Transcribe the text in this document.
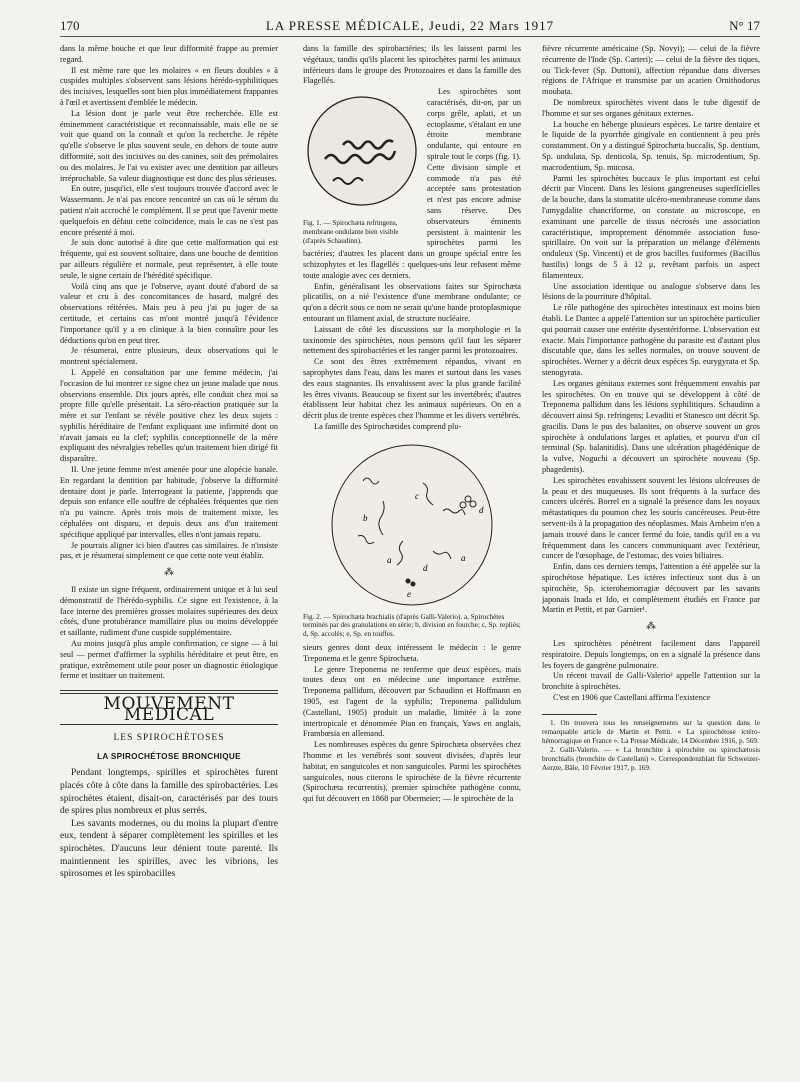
170	LA PRESSE MÉDICALE, Jeudi, 22 Mars 1917	N° 17

dans la même bouche et que leur difformité frappe au premier regard.

Il est même rare que les molaires « en fleurs doubles » à cuspides multiples s'observent sans lésions hérédo-syphilitiques des incisives, lesquelles sont bien plus immédiatement frappantes à l'œil et avertissent d'emblée le médecin.

La lésion dont je parle veut être recherchée. Elle est éminemment caractéristique et reconnaissable, mais elle ne se voit que quand on la connaît et qu'on la recherche. Je répète qu'elle s'observe le plus souvent seule, en dehors de toute autre difformité, soit des incisives ou des canines, soit des prémolaires ou des molaires. Je l'ai vu exister avec une dentition par ailleurs irréprochable. Sa valeur diagnostique est donc des plus sérieuses.

En outre, jusqu'ici, elle s'est toujours trouvée d'accord avec le Wassermann. Je n'ai pas encore rencontré un cas où le sérum du patient n'ait accroché le complément. Il se peut que l'avenir mette quelquefois en défaut cette coïncidence, mais le cas ne s'est pas encore présenté à moi.

Je suis donc autorisé à dire que cette malformation qui est fréquente, qui est souvent solitaire, dans une bouche de dentition par ailleurs régulière et normale, peut représenter, à elle toute seule, le signe certain de l'hérédité spécifique.

Voilà cinq ans que je l'observe, ayant douté d'abord de sa valeur et cru à des concomitances de hasard, malgré des observations réitérées. Mais peu à peu j'ai pu juger de sa certitude, et certains cas m'ont montré jusqu'à l'évidence l'importance qu'il y a en clinique à la bien connaître pour les déductions qu'on en peut tirer.

Je résumerai, entre plusieurs, deux observations qui le montrent spécialement.

I. Appelé en consultation par une femme médecin, j'ai l'occasion de lui montrer ce signe chez un jeune malade que nous observions ensemble. Dix jours après, elle conduit chez moi sa propre fille qu'elle présentait. La séro-réaction pratiquée sur la mère et sur l'enfant se révèle positive chez les deux sujets : syphilis héréditaire de l'enfant expliquant une infirmité dont on n'avait jamais eu la clef; syphilis conceptionnelle de la mère expliquant des névralgies rebelles qu'un traitement bien dirigé fit disparaître.

II. Une jeune femme m'est amenée pour une alopécie banale. En regardant la dentition par habitude, j'observe la difformité dentaire dont je parle. Interrogeant la patiente, j'apprends que depuis son enfance elle souffre de céphalées fréquentes que rien n'a pu vaincre. Après trois mois de traitement mixte, les céphalées ont disparu, et depuis deux ans d'un traitement spécifique appliqué par intervalles, elles n'ont jamais reparu.

Je pourrais aligner ici bien d'autres cas similaires. Je n'insiste pas, et je résumerai simplement ce que cette note veut établir.

⁂

Il existe un signe fréquent, ordinairement unique et à lui seul démonstratif de l'hérédo-syphilis. Ce signe est l'existence, à la face interne des premières grosses molaires supérieures des deux côtés, d'une protubérance mamillaire plus ou moins développée et saillante, rudiment d'une cuspide supplémentaire.

Au moins jusqu'à plus ample confirmation, ce signe — à lui seul — permet d'affirmer la syphilis héréditaire et peut être, en pratique, extrêmement utile pour poser un diagnostic étiologique ferme et instituer un traitement.

MOUVEMENT MÉDICAL
LES SPIROCHÈTOSES
LA SPIROCHÉTOSE BRONCHIQUE

Pendant longtemps, spirilles et spirochètes furent placés côte à côte dans la famille des spirobactéries. Les spirochètes étaient, disait-on, caractérisés par des tours de spires plus nombreux et plus serrés.

Les savants modernes, ou du moins la plupart d'entre eux, tendent à séparer complètement les spirilles et les spirochètes. D'aucuns leur dénient toute parenté. Ils maintiennent les spirilles, avec les vibrions, les spirosomes et les spirobacilles

dans la famille des spirobactéries; ils les laissent parmi les végétaux, tandis qu'ils placent les spirochètes parmi les animaux inférieurs dans le groupe des Protozoaires et dans la famille des Flagellés.

Fig. 1. — Spirochæta refringens, membrane ondulante bien visible (d'après Schaudinn).

Les spirochètes sont caractérisés, dit-on, par un corps grêle, aplati, et un ectoplasme, s'étalant en une étroite membrane ondulante, qui entoure en spirale tout le corps (fig. 1). Cette division simple et commode n'a pas été acceptée sans protestation et n'est pas encore admise sans réserve. Des observateurs éminents persistent à maintenir les spirochètes parmi les bactéries; d'autres les placent dans un groupe spécial entre les schizophytes et les flagellés : quelques-uns leur refusent même toute analogie avec ces derniers.

Enfin, généralisant les observations faites sur Spirochæta plicatilis, on a nié l'existence d'une membrane ondulante; ce qu'on a décrit sous ce nom ne serait qu'une bande protoplasmique entourant un filament axial, de structure nucléaire.

Laissant de côté les discussions sur la morphologie et la taxinomie des spirochètes, nous pensons qu'il faut les séparer nettement des spirobactéries et les ranger parmi les protozoaires.

Ce sont des êtres extrêmement répandus, vivant en saprophytes dans l'eau, dans les mares et surtout dans les vases des eaux stagnantes. Ils envahissent avec la plus grande facilité les êtres vivants. Beaucoup se fixent sur les invertébrés; d'autres établissent leur habitat chez les animaux supérieurs. On en a décrit plus de trente espèces chez l'homme et les divers vertébrés.

La famille des Spirochætides comprend plu-

b
c
d
a
e
d
a
Fig. 2. — Spirochæta brachialis (d'après Galli-Valerio). a, Spirochètes terminés par des granulations en série; b, division en fourche; c, Sp. repliés; d, Sp. accolés; e, Sp. en touffes.

sieurs genres dont deux intéressent le médecin : le genre Treponema et le genre Spirochæta.

Le genre Treponema ne renferme que deux espèces, mais toutes deux ont en médecine une importance extrême. Treponema pallidum, découvert par Schaudinn et Hoffmann en 1905, est l'agent de la syphilis; Treponema pallidulum (Castellani, 1905) produit un maladie, limitée à la zone intertropicale et dénommée Pian en français, Yaws en anglais, Frambœsia en allemand.

Les nombreuses espèces du genre Spirochæta observées chez l'homme et les vertébrés sont souvent divisées, d'après leur habitat, en sanguicoles et non sanguicoles. Parmi les spirochètes sanguicoles, nous citerons le spirochète de la fièvre récurrente (Spirochæta recurrentis), premier spirochète pathogène connu, qui fut découvert en 1868 par Obermeier; — le spirochète de la

fièvre récurrente américaine (Sp. Novyi); — celui de la fièvre récurrente de l'Inde (Sp. Carteri); — celui de la fièvre des tiques, ou Tick-fever (Sp. Duttoni), affection répandue dans diverses régions de l'Afrique et transmise par un acarien Ornithodorus moubata.

De nombreux spirochètes vivent dans le tube digestif de l'homme et sur ses organes génitaux externes.

La bouche en héberge plusieurs espèces. Le tartre dentaire et le liquide de la pyorrhée gingivale en contiennent à peu près constamment. On y a distingué Spirochæta buccalis, Sp. dentium, Sp. undulata, Sp. denticola, Sp. tenuis, Sp. microdentium, Sp. macrodentium, Sp. mucosa.

Parmi les spirochètes buccaux le plus important est celui décrit par Vincent. Dans les lésions gangreneuses superficielles de la bouche, dans la stomatite ulcéro-membraneuse comme dans l'amygdalite chancriforme, on constate au microscope, en examinant une parcelle de tissus nécrosés une association caractéristique, improprement dénommée association fuso-spirillaire. On voit sur la préparation un mélange d'éléments onduleux (Sp. Vincenti) et de gros bacilles fusiformes (Bacillus hastilis) longs de 5 à 12 μ, revêtant parfois un aspect filamenteux.

Une association identique ou analogue s'observe dans les lésions de la pourriture d'hôpital.

Le rôle pathogène des spirochètes intestinaux est moins bien établi. Le Dantec a appelé l'attention sur un spirochète particulier qui pourrait causer une entérite dysentériforme. L'observation est exacte. Mais l'importance pathogène du parasite est d'autant plus discutable que, dans les selles normales, on trouve souvent de spirochètes. Werner y a décrit deux espèces Sp. eurygyrata et Sp. stenogyrata.

Les organes génitaux externes sont fréquemment envahis par les spirochètes. On en trouve qui se développent à côté de Treponema pallidum dans les lésions syphilitiques. Schaudinn a découvert ainsi Sp. refringens; Levaditi et Stanesco ont décrit Sp. gracilis. Dans le pus des balanites, on observe souvent un gros spirochète à ondulations larges et aplaties, et pourvu d'un cil terminal (Sp. balanitidis). Dans une ulcération phagédénique de la vulve, Noguchi a découvert un spirochète nouveau (Sp. phagedenis).

Les spirochètes envahissent souvent les lésions ulcéreuses de la peau et des muqueuses. Ils sont fréquents à la surface des cancers ulcérés. Borrel en a signalé la présence dans les noyaux métastatiques du poumon chez les souris cancéreuses. Peut-être servent-ils à la propagation des néoplasmes. Mais Arnheim n'en a jamais trouvé dans le cancer fermé du foie, tandis qu'il en a vu fréquemment dans les cancers communiquant avec l'extérieur, cancer de l'œsophage, de l'estomac, des voies biliaires.

Enfin, dans ces derniers temps, l'attention a été appelée sur la spirochétose hépatique. Les ictères infectieux sont dus à un spirochète, Sp. icterohemorragiæ découvert par les savants japonais Inada et Ido, et complètement étudiés en France par Martin et Pettit, et par Garnier¹.

⁂

Les spirochètes pénètrent facilement dans l'appareil respiratoire. Depuis longtemps, on en a signalé la présence dans les foyers de gangrène pulmonaire.

Un récent travail de Galli-Valerio² appelle l'attention sur la bronchite à spirochètes.

C'est en 1906 que Castellani affirma l'existence

1. On trouvera tous les renseignements sur la question dans le remarquable article de Martin et Pettit. « La spirochétose ictéro-hémorragique en France ». La Presse Médicale, 14 Décembre 1916, p. 569.

2. Galli-Valerio. — « La bronchite à spirochète ou spirochætosis bronchialis (bronchite de Castellani) ». Correspondenzblatt für Schweizer-Aerzte, Bâle, 10 Février 1917, p. 169.
